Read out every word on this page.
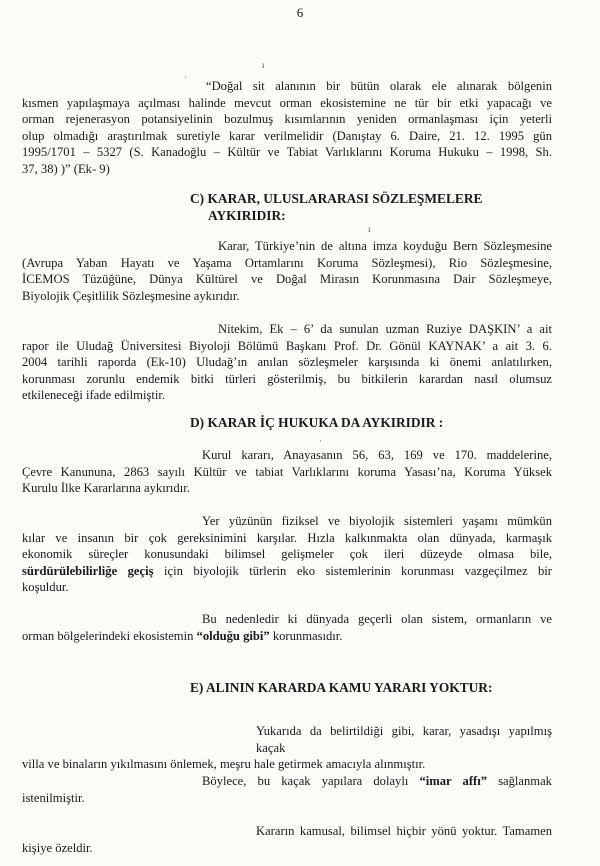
6
ı
ˊ
ı
·
“Doğal sit alanının bir bütün olarak ele alınarak bölgenin
kısmen yapılaşmaya açılması halinde mevcut orman ekosistemine ne tür bir etki yapacağı ve
orman rejenerasyon potansiyelinin bozulmuş kısımlarının yeniden ormanlaşması için yeterli
olup olmadığı araştırılmak suretiyle karar verilmelidir (Danıştay 6. Daire, 21. 12. 1995 gün
1995/1701 – 5327 (S. Kanadoğlu – Kültür ve Tabiat Varlıklarını Koruma Hukuku – 1998, Sh.
37, 38) )” (Ek- 9)
C) KARAR, ULUSLARARASI SÖZLEŞMELERE
AYKIRIDIR:
Karar, Türkiye’nin de altına imza koyduğu Bern Sözleşmesine
(Avrupa Yaban Hayatı ve Yaşama Ortamlarını Koruma Sözleşmesi), Rio Sözleşmesine,
İCEMOS Tüzüğüne, Dünya Kültürel ve Doğal Mirasın Korunmasına Dair Sözleşmeye,
Biyolojik Çeşitlilik Sözleşmesine aykırıdır.
Nitekim, Ek – 6’ da sunulan uzman Ruziye DAŞKIN’ a ait
rapor ile Uludağ Üniversitesi Biyoloji Bölümü Başkanı Prof. Dr. Gönül KAYNAK’ a ait 3. 6.
2004 tarihli raporda (Ek-10) Uludağ’ın anılan sözleşmeler karşısında ki önemi anlatılırken,
korunması zorunlu endemik bitki türleri gösterilmiş, bu bitkilerin karardan nasıl olumsuz
etkileneceği ifade edilmiştir.
D) KARAR İÇ HUKUKA DA AYKIRIDIR :
Kurul kararı, Anayasanın 56, 63, 169 ve 170. maddelerine,
Çevre Kanununa, 2863 sayılı Kültür ve tabiat Varlıklarını koruma Yasası’na, Koruma Yüksek
Kurulu İlke Kararlarına aykırıdır.
Yer yüzünün fiziksel ve biyolojik sistemleri yaşamı mümkün
kılar ve insanın bir çok gereksinimini karşılar. Hızla kalkınmakta olan dünyada, karmaşık
ekonomik süreçler konusundaki bilimsel gelişmeler çok ileri düzeyde olmasa bile,
sürdürülebilirliğe geçiş için biyolojik türlerin eko sistemlerinin korunması vazgeçilmez bir
koşuldur.
Bu nedenledir ki dünyada geçerli olan sistem, ormanların ve
orman bölgelerindeki ekosistemin “olduğu gibi” korunmasıdır.
E) ALININ KARARDA KAMU YARARI YOKTUR:
Yukarıda da belirtildiği gibi, karar, yasadışı yapılmış kaçak
villa ve binaların yıkılmasını önlemek, meşru hale getirmek amacıyla alınmıştır.
Böylece, bu kaçak yapılara dolaylı “imar affı” sağlanmak
istenilmiştir.
Kararın kamusal, bilimsel hiçbir yönü yoktur. Tamamen
kişiye özeldir.
